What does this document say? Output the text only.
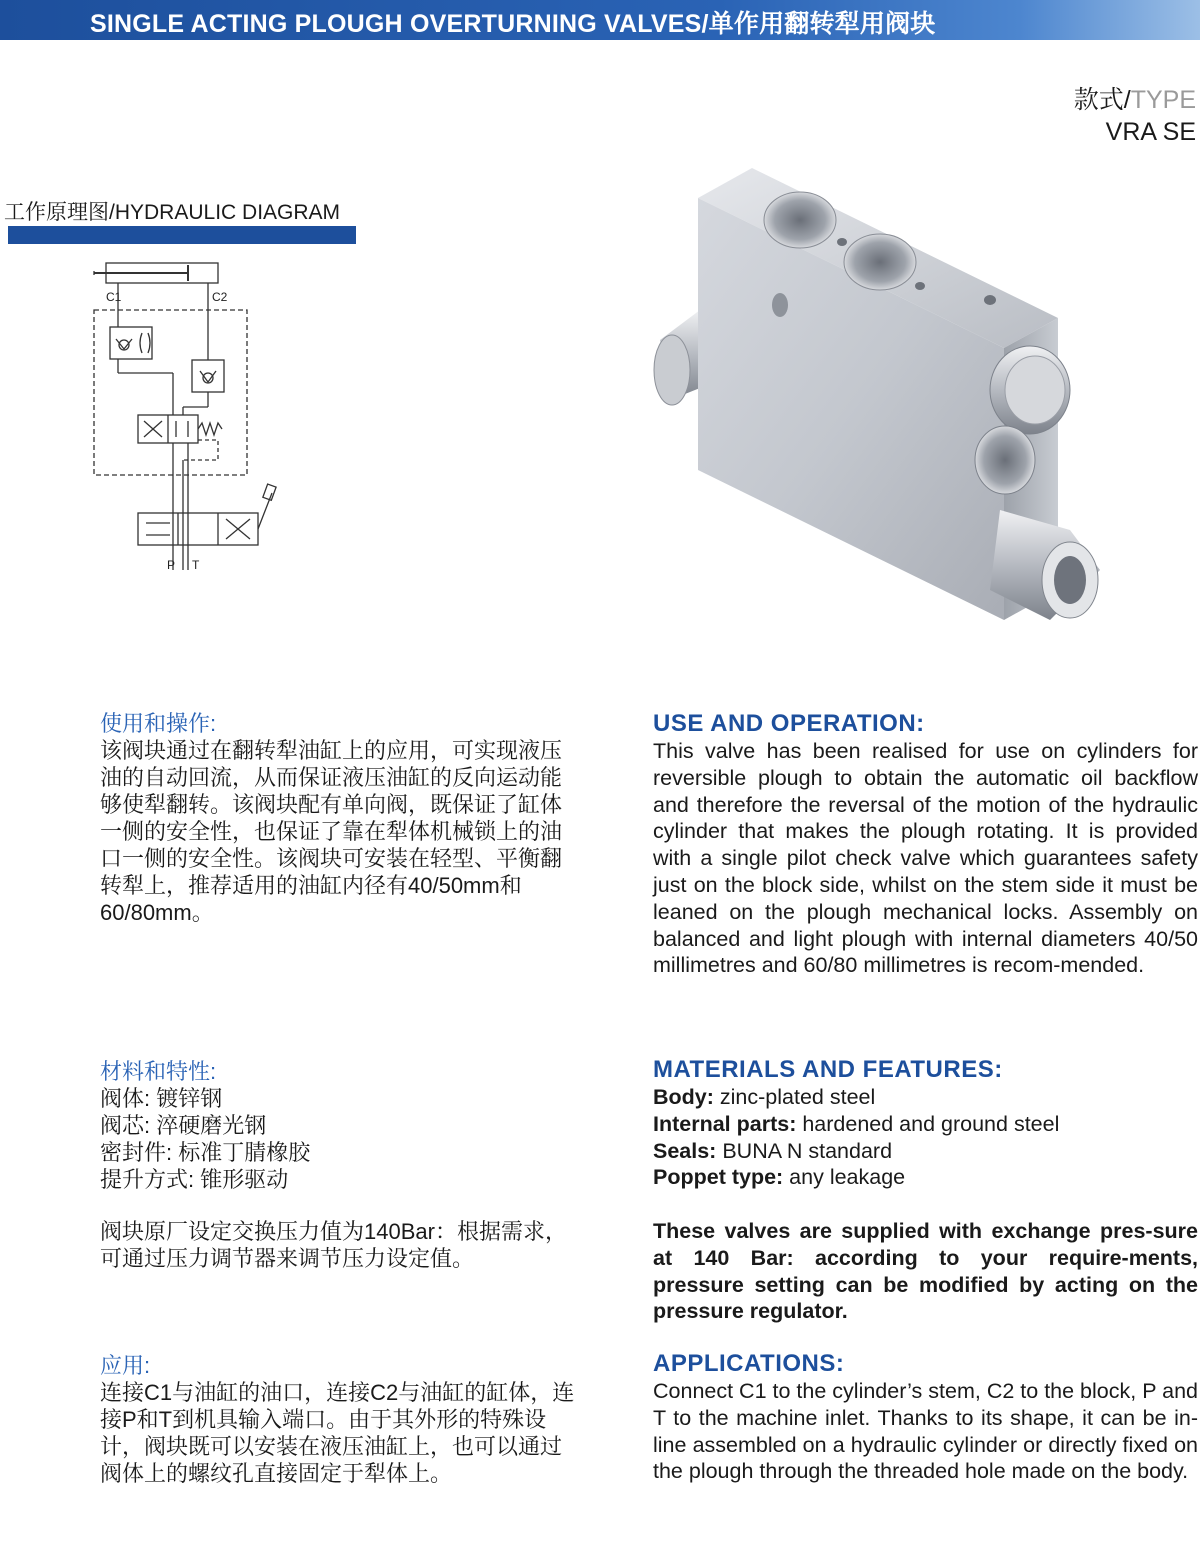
SINGLE ACTING PLOUGH OVERTURNING VALVES/单作用翻转犁用阀块
款式/TYPE
VRA SE
工作原理图/HYDRAULIC DIAGRAM
C1	C2
P T
使用和操作:
该阀块通过在翻转犁油缸上的应用，可实现液压油的自动回流，从而保证液压油缸的反向运动能够使犁翻转。该阀块配有单向阀，既保证了缸体一侧的安全性，也保证了靠在犁体机械锁上的油口一侧的安全性。该阀块可安装在轻型、平衡翻转犁上，推荐适用的油缸内径有40/50mm和60/80mm。
材料和特性:
阀体: 镀锌钢
阀芯: 淬硬磨光钢
密封件: 标准丁腈橡胶
提升方式: 锥形驱动
阀块原厂设定交换压力值为140Bar：根据需求，可通过压力调节器来调节压力设定值。
应用:
连接C1与油缸的油口，连接C2与油缸的缸体，连接P和T到机具输入端口。由于其外形的特殊设计，阀块既可以安装在液压油缸上，也可以通过阀体上的螺纹孔直接固定于犁体上。
USE AND OPERATION:
This valve has been realised for use on cylinders for reversible plough to obtain the automatic oil backflow and therefore the reversal of the motion of the hydraulic cylinder that makes the plough rotating. It is provided with a single pilot check valve which guarantees safety just on the block side, whilst on the stem side it must be leaned on the plough mechanical locks. Assembly on balanced and light plough with internal diameters 40/50 millimetres and 60/80 millimetres is recom-mended.
MATERIALS AND FEATURES:
Body: zinc-plated steel
Internal parts: hardened and ground steel
Seals: BUNA N standard
Poppet type: any leakage
These valves are supplied with exchange pres-sure at 140 Bar: according to your require-ments, pressure setting can be modified by acting on the pressure regulator.
APPLICATIONS:
Connect C1 to the cylinder’s stem, C2 to the block, P and T to the machine inlet. Thanks to its shape, it can be in-line assembled on a hydraulic cylinder or directly fixed on the plough through the threaded hole made on the body.
